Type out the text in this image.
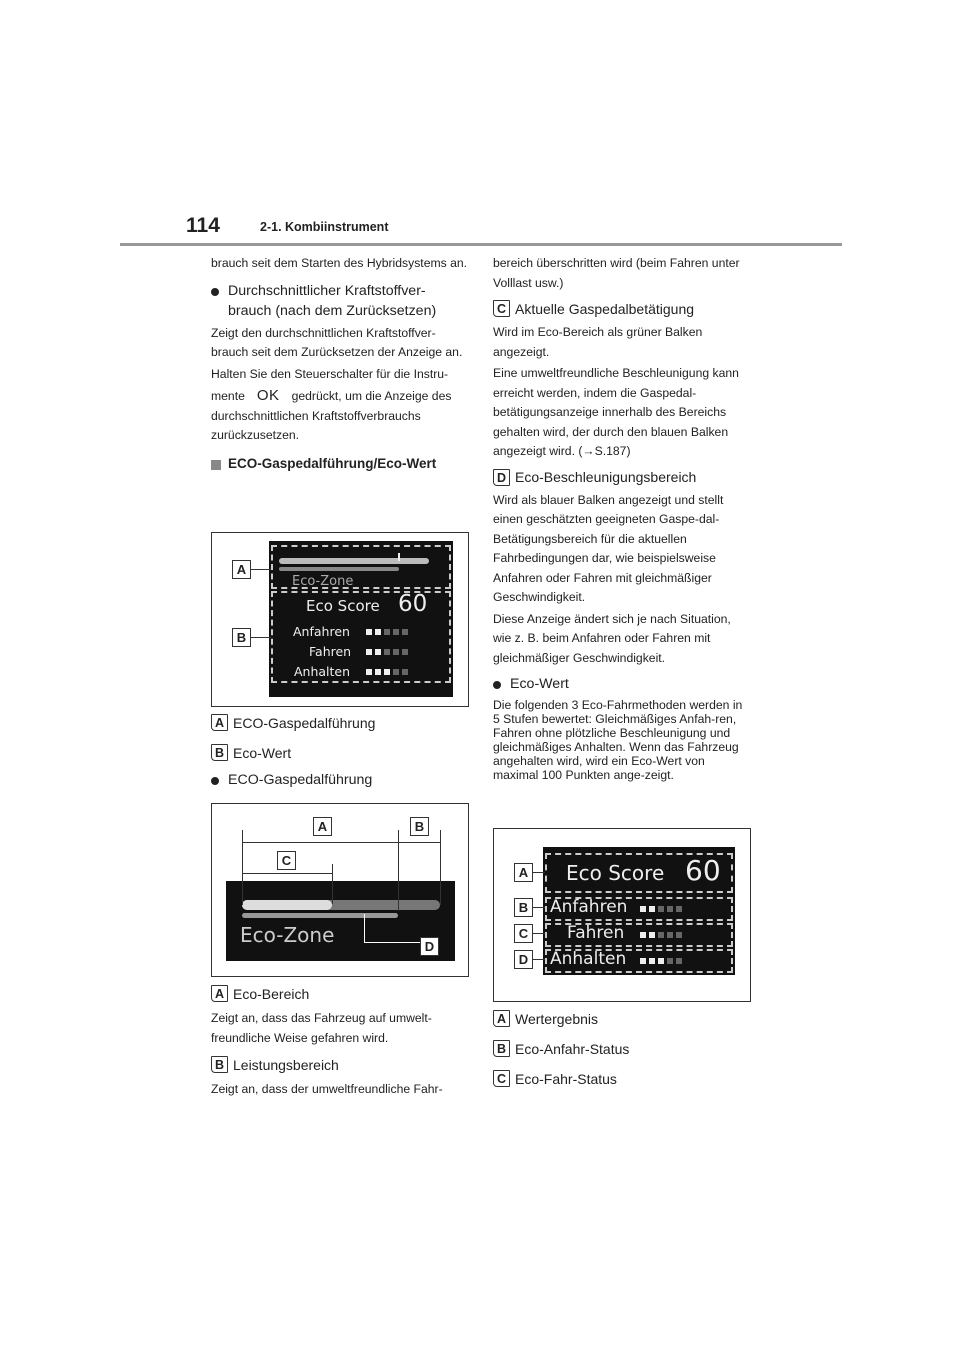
114	2-1. Kombiinstrument

brauch seit dem Starten des Hybridsystems an.

Durchschnittlicher Kraftstoffver-brauch (nach dem Zurücksetzen)

Zeigt den durchschnittlichen Kraftstoffver-brauch seit dem Zurücksetzen der Anzeige an.

Halten Sie den Steuerschalter für die Instru-

mente OK gedrückt, um die Anzeige des

durchschnittlichen Kraftstoffverbrauchs zurückzusetzen.

ECO-Gaspedalführung/Eco-Wert

Eco-Zone
Eco Score 60
Anfahren
Fahren
Anhalten
A
B

A ECO-Gaspedalführung

B Eco-Wert

ECO-Gaspedalführung

Eco-Zone
A	B
C
D

A Eco-Bereich

Zeigt an, dass das Fahrzeug auf umwelt-freundliche Weise gefahren wird.

B Leistungsbereich

Zeigt an, dass der umweltfreundliche Fahr-

bereich überschritten wird (beim Fahren unter Volllast usw.)

C Aktuelle Gaspedalbetätigung

Wird im Eco-Bereich als grüner Balken angezeigt.

Eine umweltfreundliche Beschleunigung kann erreicht werden, indem die Gaspedal-betätigungsanzeige innerhalb des Bereichs gehalten wird, der durch den blauen Balken angezeigt wird. (→S.187)

D Eco-Beschleunigungsbereich

Wird als blauer Balken angezeigt und stellt einen geschätzten geeigneten Gaspe-dal-Betätigungsbereich für die aktuellen Fahrbedingungen dar, wie beispielsweise Anfahren oder Fahren mit gleichmäßiger Geschwindigkeit.

Diese Anzeige ändert sich je nach Situation, wie z. B. beim Anfahren oder Fahren mit gleichmäßiger Geschwindigkeit.

Eco-Wert

Die folgenden 3 Eco-Fahrmethoden werden in 5 Stufen bewertet: Gleichmäßiges Anfah-ren, Fahren ohne plötzliche Beschleunigung und gleichmäßiges Anhalten. Wenn das Fahrzeug angehalten wird, wird ein Eco-Wert von maximal 100 Punkten ange-zeigt.

Eco Score 60
Anfahren
Fahren
Anhalten
A
B
C
D

A Wertergebnis

B Eco-Anfahr-Status

C Eco-Fahr-Status
